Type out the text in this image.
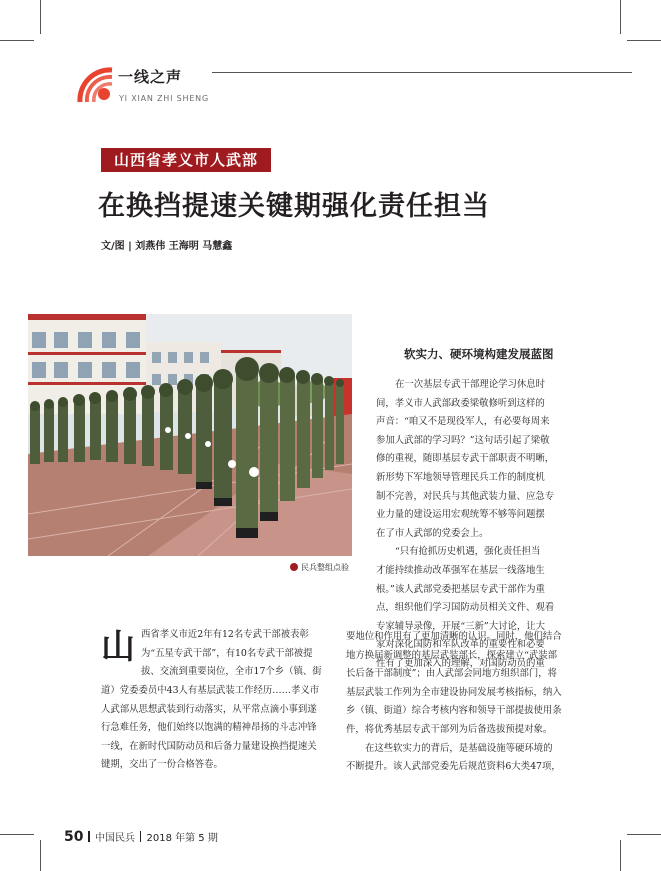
一线之声
YI XIAN ZHI SHENG
山西省孝义市人武部
在换挡提速关键期强化责任担当
文/图 | 刘燕伟 王海明 马慧鑫
民兵整组点验
软实力、硬环境构建发展蓝图
在一次基层专武干部理论学习休息时
间，孝义市人武部政委梁敬修听到这样的
声音：“咱又不是现役军人，有必要每周来
参加人武部的学习吗？”这句话引起了梁敬
修的重视，随即基层专武干部职责不明晰，
新形势下军地领导管理民兵工作的制度机
制不完善，对民兵与其他武装力量、应急专
业力量的建设运用宏观统筹不够等问题摆
在了市人武部的党委会上。
“只有抢抓历史机遇，强化责任担当
才能持续推动改革强军在基层一线落地生
根。”该人武部党委把基层专武干部作为重
点，组织他们学习国防动员相关文件、观看
专家辅导录像，开展“三新”大讨论，让大
家对深化国防和军队改革的重要性和必要
性有了更加深入的理解，对国防动员的重
要地位和作用有了更加清晰的认识。同时，他们结合
地方换届新调整的基层武装部长，探索建立“武装部
长后备干部制度”；由人武部会同地方组织部门，将
基层武装工作列为全市建设协同发展考核指标，纳入
乡（镇、街道）综合考核内容和领导干部提拔使用条
件，将优秀基层专武干部列为后备选拔预提对象。
在这些软实力的背后，是基础设施等硬环境的
不断提升。该人武部党委先后规范资料6大类47项，
山 西省孝义市近2年有12名专武干部被表彰
为“五星专武干部”，有10名专武干部被提
拔、交流到重要岗位，全市17个乡（镇、街
道）党委委员中43人有基层武装工作经历……孝义市
人武部从思想武装到行动落实，从平常点滴小事到遂
行急难任务，他们始终以饱满的精神昂扬的斗志冲锋
一线，在新时代国防动员和后备力量建设换挡提速关
键期，交出了一份合格答卷。
50 中国民兵 2018 年第 5 期
